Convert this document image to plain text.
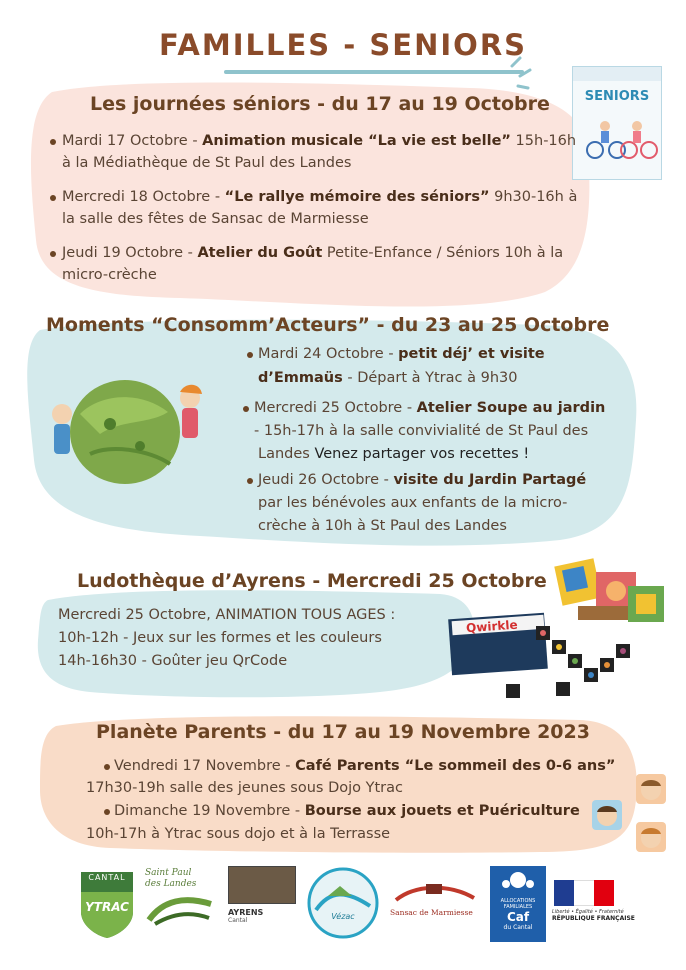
FAMILLES - SENIORS
Les journées séniors - du 17 au 19 Octobre	SENIORS
Mardi 17 Octobre - Animation musicale “La vie est belle” 15h-16h
à la Médiathèque de St Paul des Landes
Mercredi 18 Octobre - “Le rallye mémoire des séniors” 9h30-16h à
la salle des fêtes de Sansac de Marmiesse
Jeudi 19 Octobre - Atelier du Goût Petite-Enfance / Séniors 10h à la
micro-crèche
Moments “Consomm’Acteurs” - du 23 au 25 Octobre
Mardi 24 Octobre - petit déj’ et visite
d’Emmaüs - Départ à Ytrac à 9h30
Mercredi 25 Octobre - Atelier Soupe au jardin
- 15h-17h à la salle convivialité de St Paul des
Landes Venez partager vos recettes !
Jeudi 26 Octobre - visite du Jardin Partagé
par les bénévoles aux enfants de la micro-
crèche à 10h à St Paul des Landes
Ludothèque d’Ayrens - Mercredi 25 Octobre
Mercredi 25 Octobre, ANIMATION TOUS AGES :
10h-12h - Jeux sur les formes et les couleurs
14h-16h30 - Goûter jeu QrCode
Qwirkle
Planète Parents - du 17 au 19 Novembre 2023
Vendredi 17 Novembre - Café Parents “Le sommeil des 0-6 ans”
17h30-19h salle des jeunes sous Dojo Ytrac
Dimanche 19 Novembre - Bourse aux jouets et Puériculture
10h-17h à Ytrac sous dojo et à la Terrasse
CANTAL
YTRAC
Saint Paul des Landes
AYRENS
Cantal	Vézac	Sansac de Marmiesse
ALLOCATIONS
FAMILIALES
Caf
du Cantal
Liberté • Égalité • Fraternité
RÉPUBLIQUE FRANÇAISE
